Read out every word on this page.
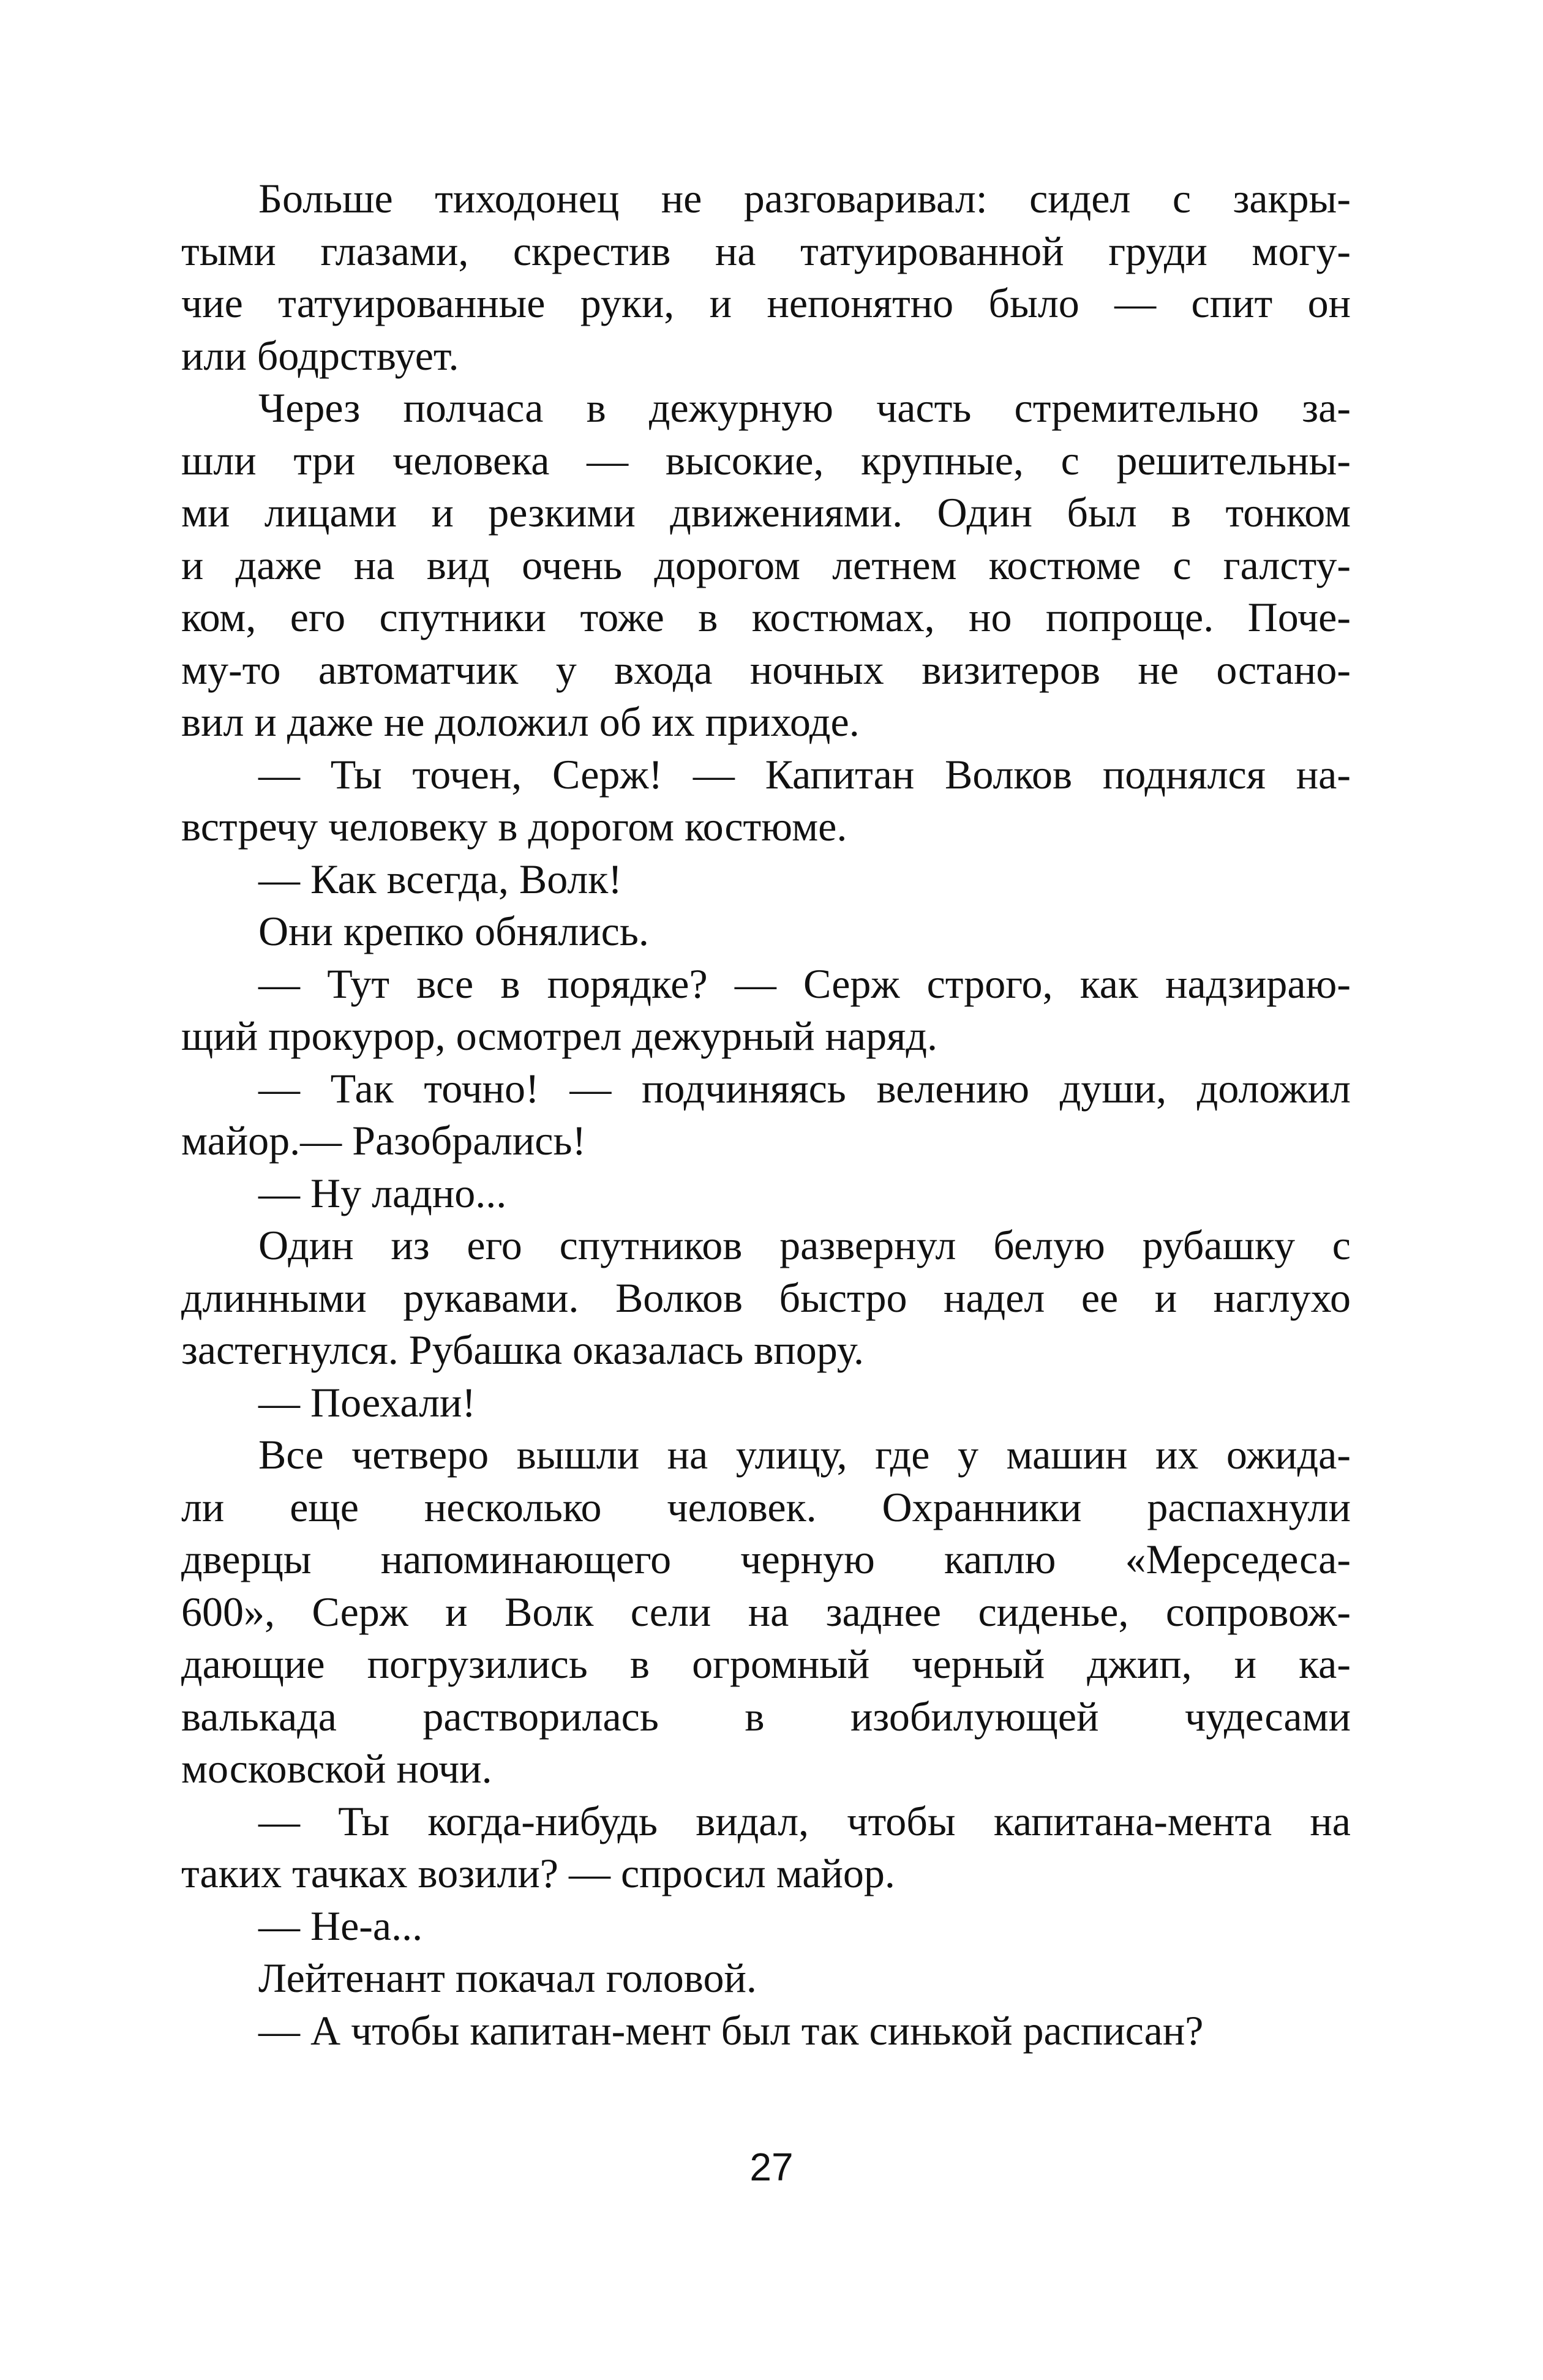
Больше тиходонец не разговаривал: сидел с закры-
тыми глазами, скрестив на татуированной груди могу-
чие татуированные руки, и непонятно было — спит он
или бодрствует.
Через полчаса в дежурную часть стремительно за-
шли три человека — высокие, крупные, с решительны-
ми лицами и резкими движениями. Один был в тонком
и даже на вид очень дорогом летнем костюме с галсту-
ком, его спутники тоже в костюмах, но попроще. Поче-
му-то автоматчик у входа ночных визитеров не остано-
вил и даже не доложил об их приходе.
— Ты точен, Серж! — Капитан Волков поднялся на-
встречу человеку в дорогом костюме.
— Как всегда, Волк!
Они крепко обнялись.
— Тут все в порядке? — Серж строго, как надзираю-
щий прокурор, осмотрел дежурный наряд.
— Так точно! — подчиняясь велению души, доложил
майор.— Разобрались!
— Ну ладно...
Один из его спутников развернул белую рубашку с
длинными рукавами. Волков быстро надел ее и наглухо
застегнулся. Рубашка оказалась впору.
— Поехали!
Все четверо вышли на улицу, где у машин их ожида-
ли еще несколько человек. Охранники распахнули
дверцы напоминающего черную каплю «Мерседеса-
600», Серж и Волк сели на заднее сиденье, сопровож-
дающие погрузились в огромный черный джип, и ка-
валькада растворилась в изобилующей чудесами
московской ночи.
— Ты когда-нибудь видал, чтобы капитана-мента на
таких тачках возили? — спросил майор.
— Не-а...
Лейтенант покачал головой.
— А чтобы капитан-мент был так синькой расписан?
27
